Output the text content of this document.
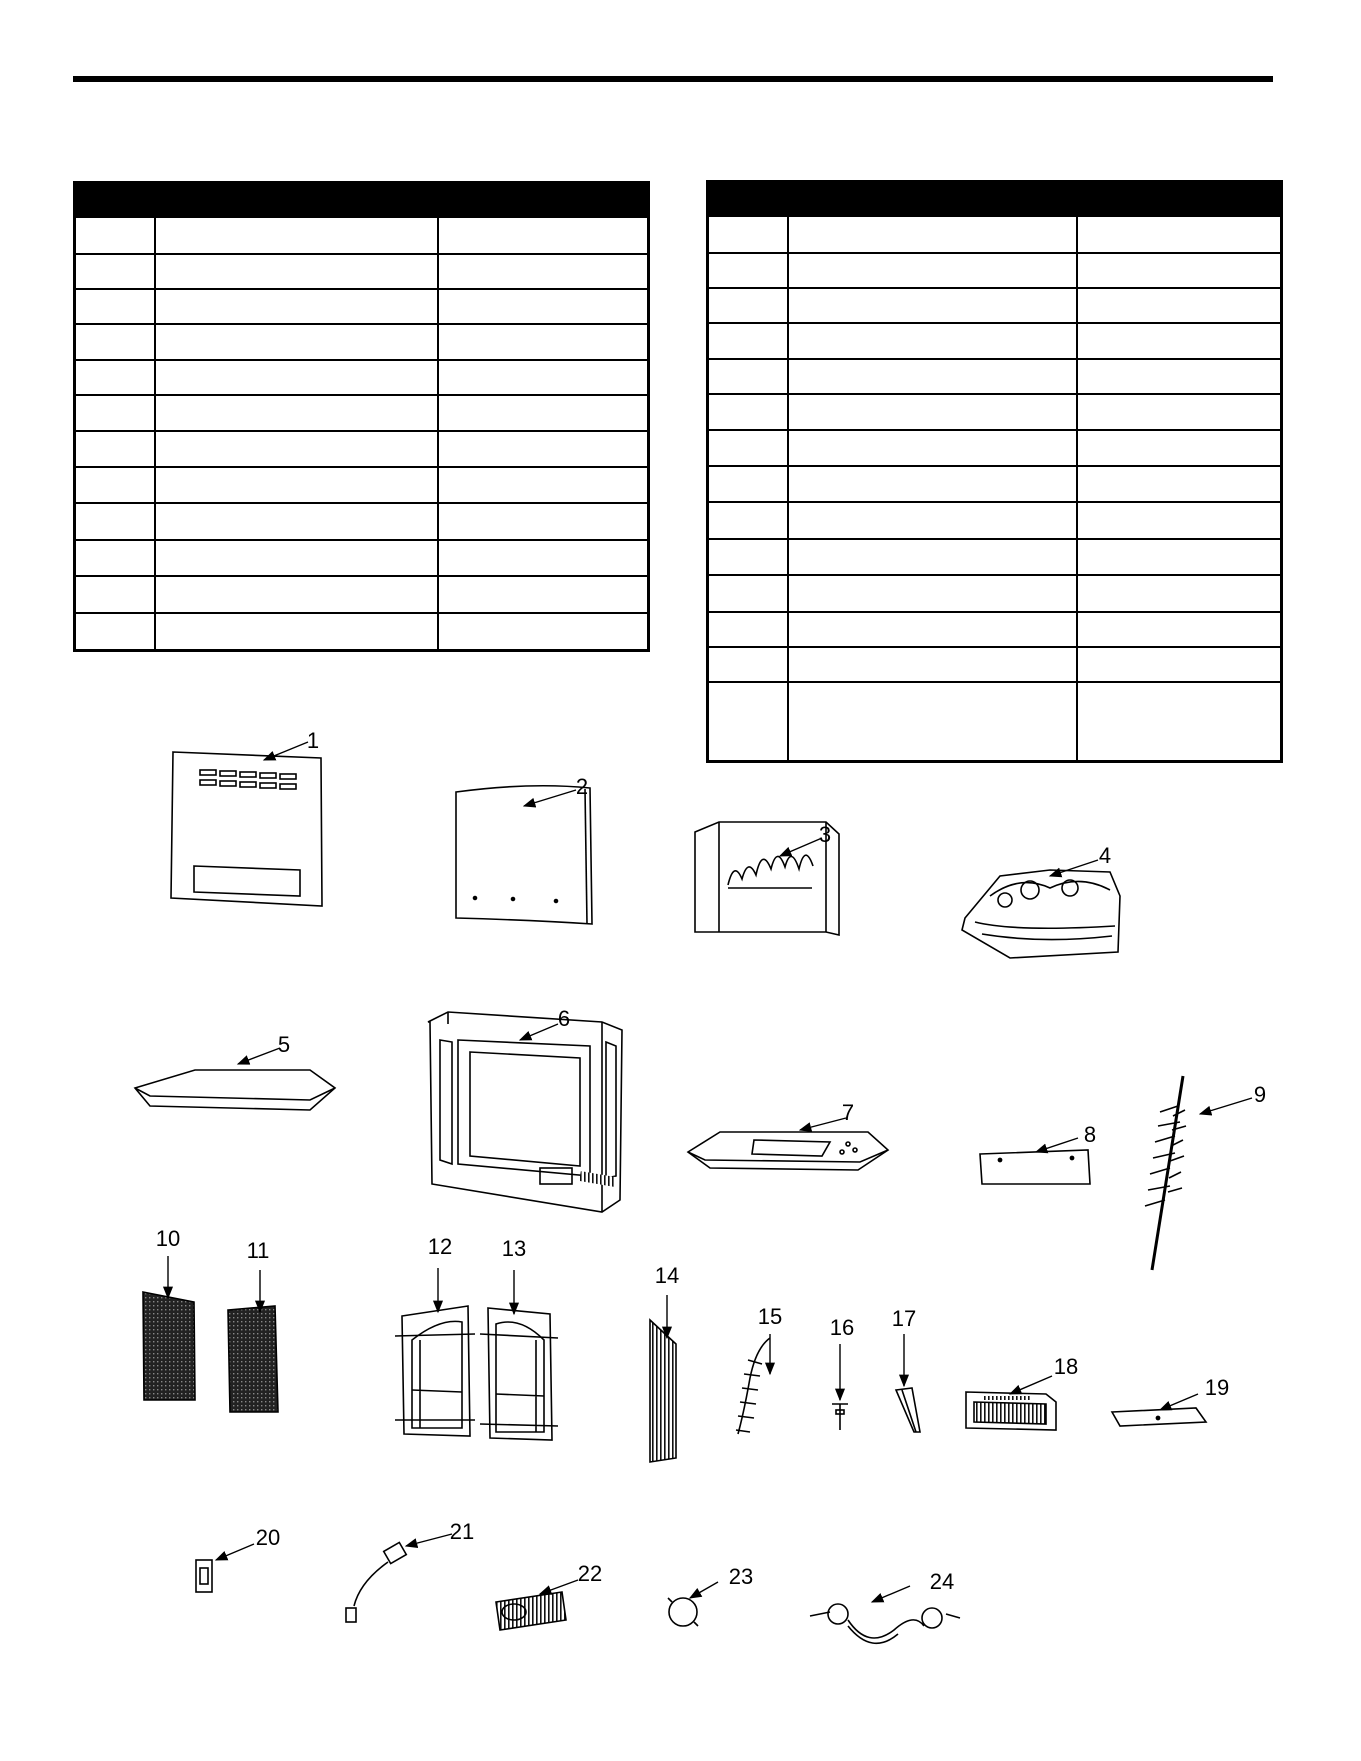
1
2
3
4
5
6
7
8
9
10	11	12 13
14
15 16 17
18
19
20	21
22	23	24
